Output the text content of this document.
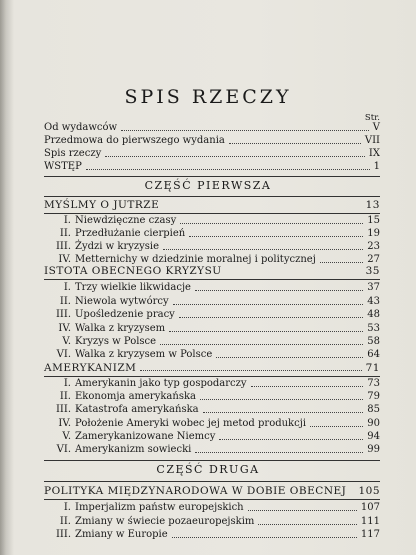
SPIS RZECZY
Str.
Od wydawców	V
Przedmowa do pierwszego wydania	VII
Spis rzeczy	IX
WSTĘP	1
CZĘŚĆ PIERWSZA
MYŚLMY O JUTRZE	13
I. Niewdzięczne czasy	15
II. Przedłużanie cierpień	19
III. Żydzi w kryzysie	23
IV. Metternichy w dziedzinie moralnej i politycznej	27
ISTOTA OBECNEGO KRYZYSU	35
I. Trzy wielkie likwidacje	37
II. Niewola wytwórcy	43
III. Upośledzenie pracy	48
IV. Walka z kryzysem	53
V. Kryzys w Polsce	58
VI. Walka z kryzysem w Polsce	64
AMERYKANIZM	71
I. Amerykanin jako typ gospodarczy	73
II. Ekonomja amerykańska	79
III. Katastrofa amerykańska	85
IV. Położenie Ameryki wobec jej metod produkcji	90
V. Zamerykanizowane Niemcy	94
VI. Amerykanizm sowiecki	99
CZĘŚĆ DRUGA
POLITYKA MIĘDZYNARODOWA W DOBIE OBECNEJ 105
I. Imperjalizm państw europejskich	107
II. Zmiany w świecie pozaeuropejskim	111
III. Zmiany w Europie	117
